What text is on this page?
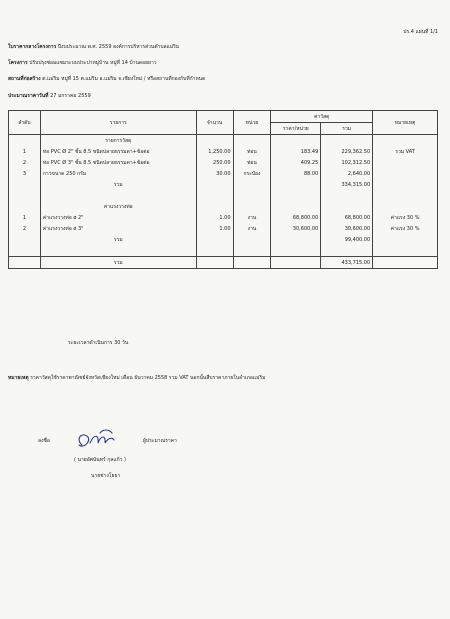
ปร.4 แผ่นที่ 1/1
ใบราคากลางโครงการ ปีงบประมาณ พ.ศ. 2559 องค์การบริหารส่วนตำบลแม่ริม
โครงการ ปรับปรุงซ่อมแซมระบบประปาหมู่บ้าน หมู่ที่ 14 บ้านดอยยาว
สถานที่ก่อสร้าง ต.แม่ริม หมู่ที่ 15 ต.แม่ริม อ.แม่ริม จ.เชียงใหม่ / หรือสถานที่กองกับที่กำหนด
ประมาณราคาวันที่ 27 มกราคม 2559
ลำดับ	รายการ	จำนวน	หน่วย	ค่าวัสดุ		หมายเหตุ
				ราคา/หน่วย	รวม	
	รายการวัสดุ					
1	ท่อ PVC Ø 2" ชั้น 8.5 ชนิดปลายธรรมดา+ข้อต่อ	1,250.00	ท่อน	183.49	229,362.50	รวม VAT
2	ท่อ PVC Ø 3" ชั้น 8.5 ชนิดปลายธรรมดา+ข้อต่อ	250.00	ท่อน	409.25	102,312.50	
3	กาวขนาด 250 กรัม	30.00	กระป๋อง	88.00	2,640.00	
	รวม				334,315.00	

	ค่าแรงวางท่อ					
1	ค่าแรงวางท่อ ø 2"	1.00	งาน	68,800.00	68,800.00	ค่าแรง 30 %
2	ค่าแรงวางท่อ ø 3"	1.00	งาน	30,600.00	30,600.00	ค่าแรง 30 %
	รวม				99,400.00	

	รวม				433,715.00	
ระยะเวลาดำเนินการ 30 วัน
หมายเหตุ ราคาวัสดุใช้ราคาพาณิชย์จังหวัดเชียงใหม่ เดือน ธันวาคม 2558 รวม VAT นอกนั้นสืบราคาภายในอำเภอแม่ริม
ลงชื่อ	ผู้ประมาณราคา
( นายอัศนันทร์ กุลแก้ว )
นายช่างโยธา
